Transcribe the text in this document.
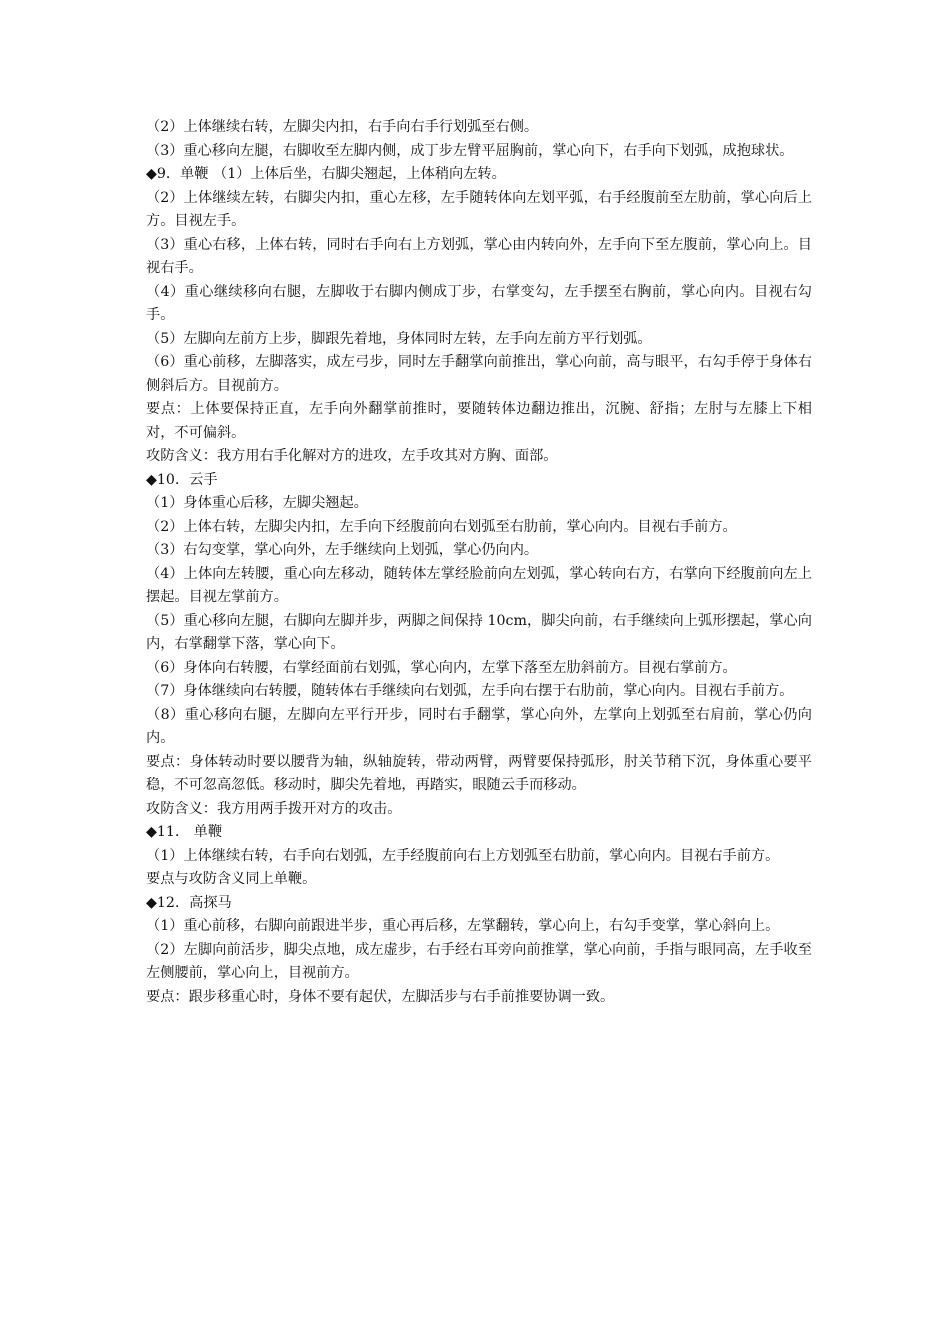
（2）上体继续右转，左脚尖内扣，右手向右手行划弧至右侧。

（3）重心移向左腿，右脚收至左脚内侧，成丁步左臂平屈胸前，掌心向下，右手向下划弧，成抱球状。

◆9．单鞭 （1）上体后坐，右脚尖翘起，上体稍向左转。

（2）上体继续左转，右脚尖内扣，重心左移，左手随转体向左划平弧，右手经腹前至左肋前，掌心向后上方。目视左手。

（3）重心右移，上体右转，同时右手向右上方划弧，掌心由内转向外，左手向下至左腹前，掌心向上。目视右手。

（4）重心继续移向右腿，左脚收于右脚内侧成丁步，右掌变勾，左手摆至右胸前，掌心向内。目视右勾手。

（5）左脚向左前方上步，脚跟先着地，身体同时左转，左手向左前方平行划弧。

（6）重心前移，左脚落实，成左弓步，同时左手翻掌向前推出，掌心向前，高与眼平，右勾手停于身体右侧斜后方。目视前方。

要点：上体要保持正直，左手向外翻掌前推时，要随转体边翻边推出，沉腕、舒指；左肘与左膝上下相对，不可偏斜。

攻防含义：我方用右手化解对方的进攻，左手攻其对方胸、面部。

◆10．云手

（1）身体重心后移，左脚尖翘起。

（2）上体右转，左脚尖内扣，左手向下经腹前向右划弧至右肋前，掌心向内。目视右手前方。

（3）右勾变掌，掌心向外，左手继续向上划弧，掌心仍向内。

（4）上体向左转腰，重心向左移动，随转体左掌经脸前向左划弧，掌心转向右方，右掌向下经腹前向左上摆起。目视左掌前方。

（5）重心移向左腿，右脚向左脚并步，两脚之间保持 10cm，脚尖向前，右手继续向上弧形摆起，掌心向内，右掌翻掌下落，掌心向下。

（6）身体向右转腰，右掌经面前右划弧，掌心向内，左掌下落至左肋斜前方。目视右掌前方。

（7）身体继续向右转腰，随转体右手继续向右划弧，左手向右摆于右肋前，掌心向内。目视右手前方。

（8）重心移向右腿，左脚向左平行开步，同时右手翻掌，掌心向外，左掌向上划弧至右肩前，掌心仍向内。

要点：身体转动时要以腰背为轴，纵轴旋转，带动两臂，两臂要保持弧形，肘关节稍下沉，身体重心要平稳，不可忽高忽低。移动时，脚尖先着地，再踏实，眼随云手而移动。

攻防含义：我方用两手拨开对方的攻击。

◆11． 单鞭

（1）上体继续右转，右手向右划弧，左手经腹前向右上方划弧至右肋前，掌心向内。目视右手前方。

要点与攻防含义同上单鞭。

◆12．高探马

（1）重心前移，右脚向前跟进半步，重心再后移，左掌翻转，掌心向上，右勾手变掌，掌心斜向上。

（2）左脚向前活步，脚尖点地，成左虚步，右手经右耳旁向前推掌，掌心向前，手指与眼同高，左手收至左侧腰前，掌心向上，目视前方。

要点：跟步移重心时，身体不要有起伏，左脚活步与右手前推要协调一致。
